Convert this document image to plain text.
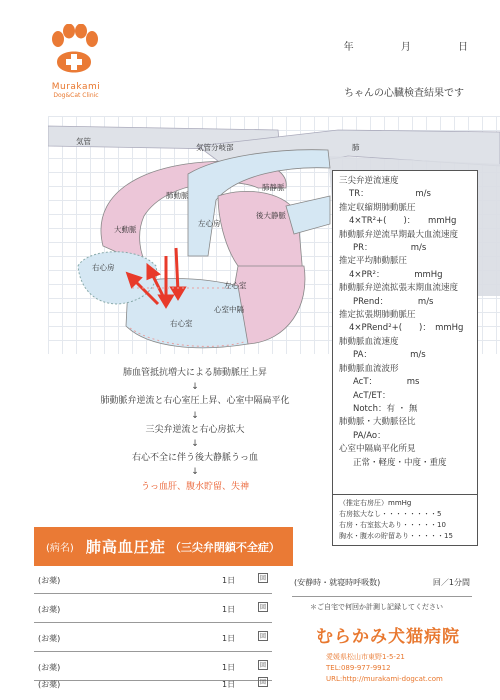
Murakami
Dog&Cat Clinic
年	月	日
ちゃんの心臓検査結果です
気管
気管分岐部	肺
肺動脈
肺静脈
大動脈
左心房
後大静脈
右心房
左心室
心室中隔
右心室
三尖弁逆流速度
TR：　　　　　　m/s
推定収縮期肺動脈圧
4×TR²+(　　)：　　mmHg
肺動脈弁逆流早期最大血流速度
PR：　　　　　m/s
推定平均肺動脈圧
4×PR²：　　　　mmHg
肺動脈弁逆流拡張末期血流速度
PRend：　　　　m/s
推定拡張期肺動脈圧
4×PRend²+(　　)：　mmHg
肺動脈血流速度
PA：　　　　　m/s
肺動脈血流波形
AcT：　　　　ms
AcT/ET：
Notch：有 ・ 無
肺動脈・大動脈径比
PA/Ao：
心室中隔扁平化所見
正常・軽度・中度・重度
肺血管抵抗増大による肺動脈圧上昇
↓
肺動脈弁逆流と右心室圧上昇、心室中隔扁平化
↓
三尖弁逆流と右心房拡大
↓
右心不全に伴う後大静脈うっ血
↓
うっ血肝、腹水貯留、失神
（推定右房圧）mmHg
右房拡大なし・・・・・・・・5
右房・右室拡大あり・・・・・10
胸水・腹水の貯留あり・・・・・15
(病名) 肺高血圧症 （三尖弁閉鎖不全症）
(お薬)	1日	回
(お薬)	1日	回
(お薬)	1日	回
(お薬)	1日	回
(お薬)	1日	回
(安静時・就寝時呼吸数)	回／1分間
＊ご自宅で何回か計測し記録してください
むらかみ犬猫病院
愛媛県松山市東野1-5-21
TEL:089-977-9912
URL:http://murakami-dogcat.com
